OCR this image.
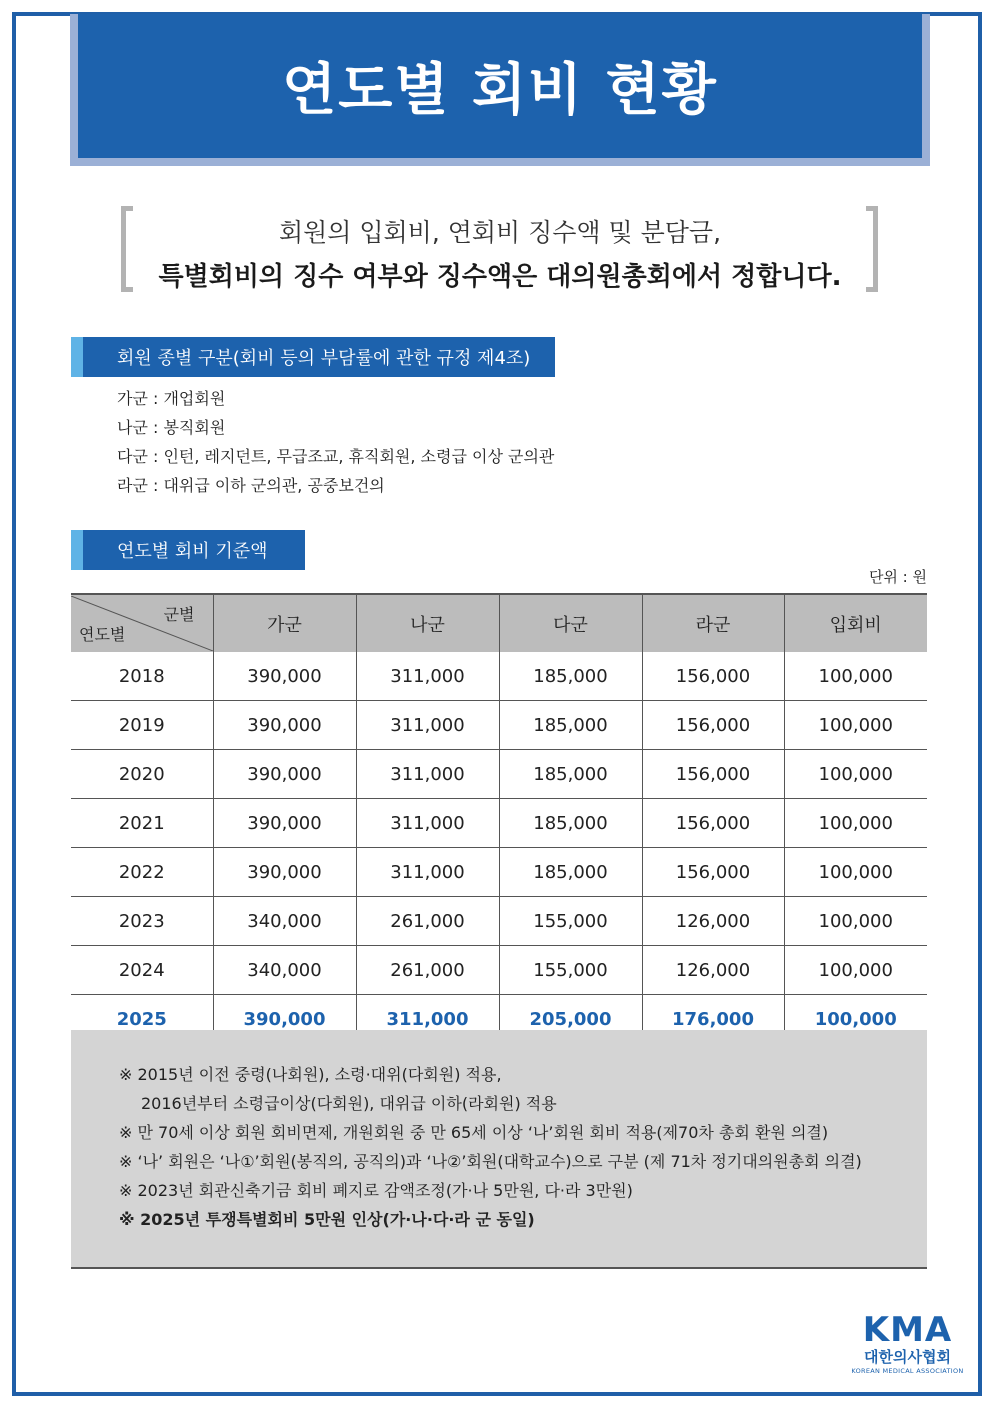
연도별 회비 현황
회원의 입회비, 연회비 징수액 및 분담금,
특별회비의 징수 여부와 징수액은 대의원총회에서 정합니다.
회원 종별 구분(회비 등의 부담률에 관한 규정 제4조)
가군 : 개업회원
나군 : 봉직회원
다군 : 인턴, 레지던트, 무급조교, 휴직회원, 소령급 이상 군의관
라군 : 대위급 이하 군의관, 공중보건의
연도별 회비 기준액
단위 : 원
군별
연도별	가군	나군	다군	라군	입회비
2018	390,000	311,000	185,000	156,000	100,000
2019	390,000	311,000	185,000	156,000	100,000
2020	390,000	311,000	185,000	156,000	100,000
2021	390,000	311,000	185,000	156,000	100,000
2022	390,000	311,000	185,000	156,000	100,000
2023	340,000	261,000	155,000	126,000	100,000
2024	340,000	261,000	155,000	126,000	100,000
2025	390,000	311,000	205,000	176,000	100,000
※ 2015년 이전 중령(나회원), 소령·대위(다회원) 적용,
2016년부터 소령급이상(다회원), 대위급 이하(라회원) 적용
※ 만 70세 이상 회원 회비면제, 개원회원 중 만 65세 이상 ‘나’회원 회비 적용(제70차 총회 환원 의결)
※ ‘나’ 회원은 ‘나①’회원(봉직의, 공직의)과 ‘나②’회원(대학교수)으로 구분 (제 71차 정기대의원총회 의결)
※ 2023년 회관신축기금 회비 폐지로 감액조정(가·나 5만원, 다·라 3만원)
※ 2025년 투쟁특별회비 5만원 인상(가·나·다·라 군 동일)
KMA
대한의사협회
KOREAN MEDICAL ASSOCIATION
